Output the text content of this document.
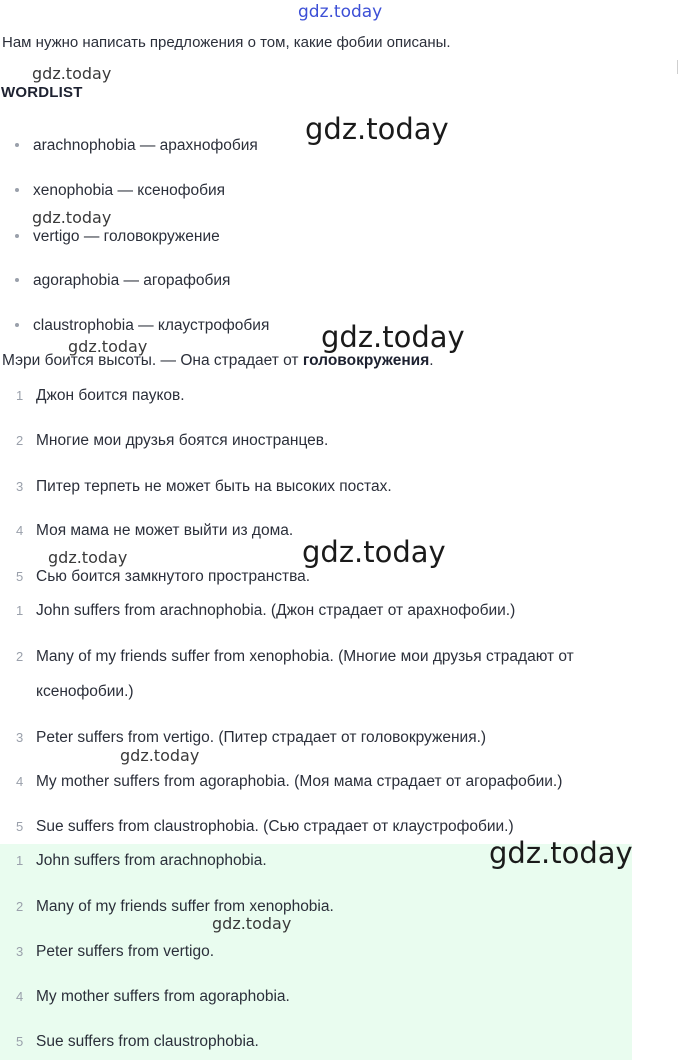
gdz.today
Нам нужно написать предложения о том, какие фобии описаны.
gdz.today
WORDLIST
arachnophobia — арахнофобия
xenophobia — ксенофобия
vertigo — головокружение
agoraphobia — агорафобия
claustrophobia — клаустрофобия
gdz.today
gdz.today
gdz.today
gdz.today
Мэри боится высоты. — Она страдает от головокружения.
1 Джон боится пауков.
2 Многие мои друзья боятся иностранцев.
3 Питер терпеть не может быть на высоких постах.
4 Моя мама не может выйти из дома.
5 Сью боится замкнутого пространства.
gdz.today	gdz.today
1 John suffers from arachnophobia. (Джон страдает от арахнофобии.)
2 Many of my friends suffer from xenophobia. (Многие мои друзья страдают от
ксенофобии.)
3 Peter suffers from vertigo. (Питер страдает от головокружения.)
4 My mother suffers from agoraphobia. (Моя мама страдает от агорафобии.)
5 Sue suffers from claustrophobia. (Сью страдает от клаустрофобии.)
gdz.today
1 John suffers from arachnophobia.
2 Many of my friends suffer from xenophobia.
3 Peter suffers from vertigo.
4 My mother suffers from agoraphobia.
5 Sue suffers from claustrophobia.
gdz.today
gdz.today
